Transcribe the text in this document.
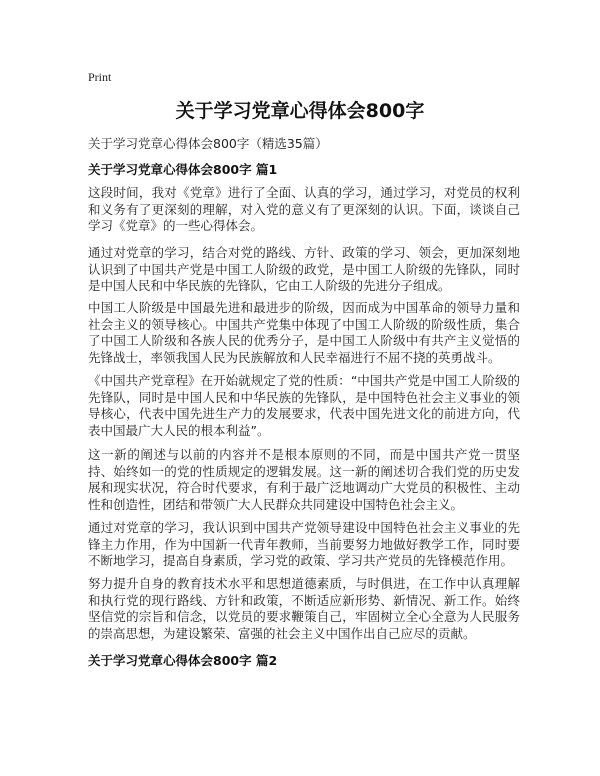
Print
关于学习党章心得体会800字
关于学习党章心得体会800字（精选35篇）
关于学习党章心得体会800字 篇1

这段时间，我对《党章》进行了全面、认真的学习，通过学习，对党员的权利和义务有了更深刻的理解，对入党的意义有了更深刻的认识。下面，谈谈自己学习《党章》的一些心得体会。

通过对党章的学习，结合对党的路线、方针、政策的学习、领会，更加深刻地认识到了中国共产党是中国工人阶级的政党，是中国工人阶级的先锋队，同时是中国人民和中华民族的先锋队，它由工人阶级的先进分子组成。

中国工人阶级是中国最先进和最进步的阶级，因而成为中国革命的领导力量和社会主义的领导核心。中国共产党集中体现了中国工人阶级的阶级性质，集合了中国工人阶级和各族人民的优秀分子，是中国工人阶级中有共产主义觉悟的先锋战士，率领我国人民为民族解放和人民幸福进行不屈不挠的英勇战斗。

《中国共产党章程》在开始就规定了党的性质：“中国共产党是中国工人阶级的先锋队，同时是中国人民和中华民族的先锋队，是中国特色社会主义事业的领导核心，代表中国先进生产力的发展要求，代表中国先进文化的前进方向，代表中国最广大人民的根本利益”。

这一新的阐述与以前的内容并不是根本原则的不同，而是中国共产党一贯坚持、始终如一的党的性质规定的逻辑发展。这一新的阐述切合我们党的历史发展和现实状况，符合时代要求，有利于最广泛地调动广大党员的积极性、主动性和创造性，团结和带领广大人民群众共同建设中国特色社会主义。

通过对党章的学习，我认识到中国共产党领导建设中国特色社会主义事业的先锋主力作用，作为中国新一代青年教师，当前要努力地做好教学工作，同时要不断地学习，提高自身素质，学习党的政策、学习共产党员的先锋模范作用。

努力提升自身的教育技术水平和思想道德素质，与时俱进，在工作中认真理解和执行党的现行路线、方针和政策，不断适应新形势、新情况、新工作。始终坚信党的宗旨和信念，以党员的要求鞭策自己，牢固树立全心全意为人民服务的崇高思想，为建设繁荣、富强的社会主义中国作出自己应尽的贡献。

关于学习党章心得体会800字 篇2
